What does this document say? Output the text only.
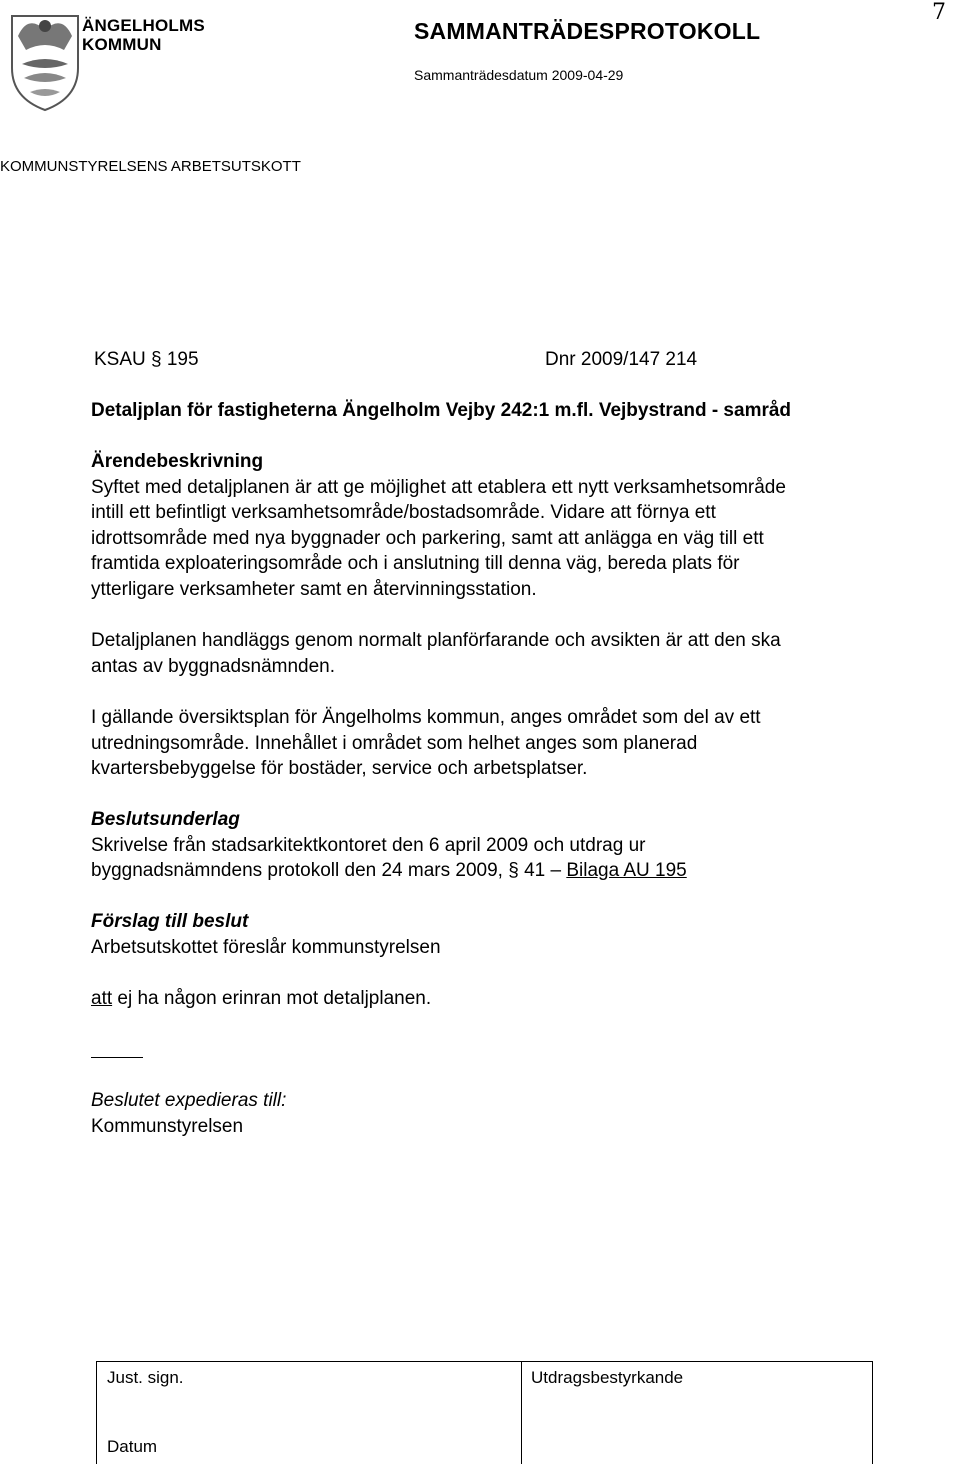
7
ÄNGELHOLMS
KOMMUN
SAMMANTRÄDESPROTOKOLL
Sammanträdesdatum 2009-04-29
KOMMUNSTYRELSENS ARBETSUTSKOTT
KSAU § 195	Dnr 2009/147 214
Detaljplan för fastigheterna Ängelholm Vejby 242:1 m.fl. Vejbystrand - samråd
Ärendebeskrivning
Syftet med detaljplanen är att ge möjlighet att etablera ett nytt verksamhetsområde
intill ett befintligt verksamhetsområde/bostadsområde. Vidare att förnya ett
idrottsområde med nya byggnader och parkering, samt att anlägga en väg till ett
framtida exploateringsområde och i anslutning till denna väg, bereda plats för
ytterligare verksamheter samt en återvinningsstation.
Detaljplanen handläggs genom normalt planförfarande och avsikten är att den ska
antas av byggnadsnämnden.
I gällande översiktsplan för Ängelholms kommun, anges området som del av ett
utredningsområde. Innehållet i området som helhet anges som planerad
kvartersbebyggelse för bostäder, service och arbetsplatser.
Beslutsunderlag
Skrivelse från stadsarkitektkontoret den 6 april 2009 och utdrag ur
byggnadsnämndens protokoll den 24 mars 2009, § 41 – Bilaga AU 195
Förslag till beslut
Arbetsutskottet föreslår kommunstyrelsen
att ej ha någon erinran mot detaljplanen.
Beslutet expedieras till:
Kommunstyrelsen
Just. sign.	Utdragsbestyrkande
Datum
